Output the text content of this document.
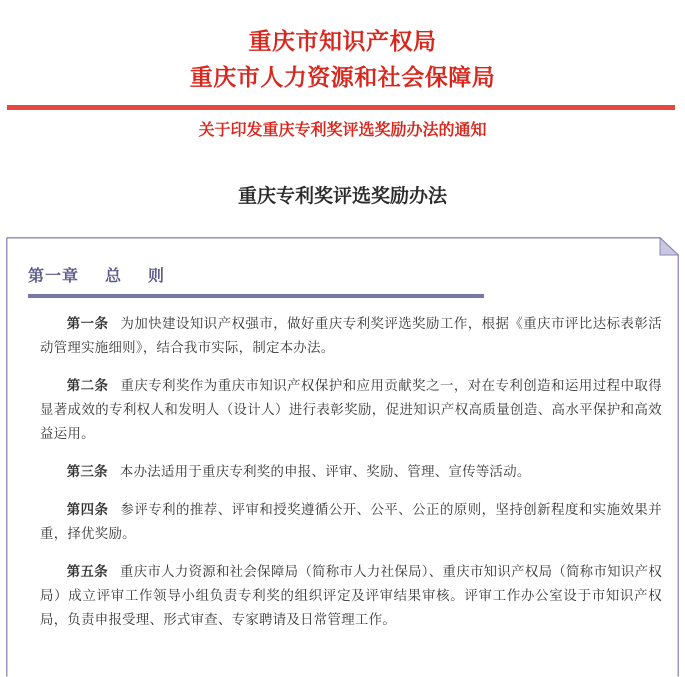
重庆市知识产权局
重庆市人力资源和社会保障局
关于印发重庆专利奖评选奖励办法的通知
重庆专利奖评选奖励办法
第一章 总 则

第一条 为加快建设知识产权强市，做好重庆专利奖评选奖励工作，根据《重庆市评比达标表彰活动管理实施细则》，结合我市实际，制定本办法。

第二条 重庆专利奖作为重庆市知识产权保护和应用贡献奖之一，对在专利创造和运用过程中取得显著成效的专利权人和发明人（设计人）进行表彰奖励，促进知识产权高质量创造、高水平保护和高效益运用。

第三条 本办法适用于重庆专利奖的申报、评审、奖励、管理、宣传等活动。

第四条 参评专利的推荐、评审和授奖遵循公开、公平、公正的原则，坚持创新程度和实施效果并重，择优奖励。

第五条 重庆市人力资源和社会保障局（简称市人力社保局）、重庆市知识产权局（简称市知识产权局）成立评审工作领导小组负责专利奖的组织评定及评审结果审核。评审工作办公室设于市知识产权局，负责申报受理、形式审查、专家聘请及日常管理工作。
